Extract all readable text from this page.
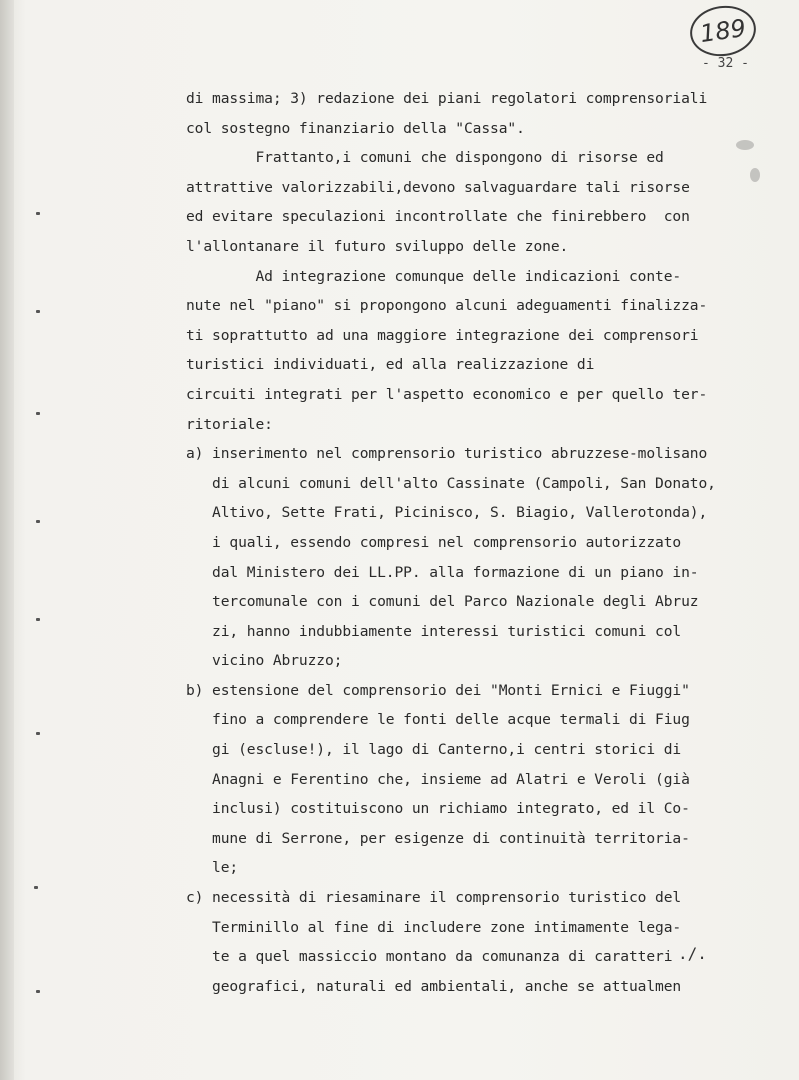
189
- 32 -
di massima; 3) redazione dei piani regolatori comprensoriali
col sostegno finanziario della "Cassa".
Frattanto,i comuni che dispongono di risorse ed
attrattive valorizzabili,devono salvaguardare tali risorse
ed evitare speculazioni incontrollate che finirebbero  con
l'allontanare il futuro sviluppo delle zone.
Ad integrazione comunque delle indicazioni conte-
nute nel "piano" si propongono alcuni adeguamenti finalizza-
ti soprattutto ad una maggiore integrazione dei comprensori
turistici individuati, ed alla realizzazione di
circuiti integrati per l'aspetto economico e per quello ter-
ritoriale:
a) inserimento nel comprensorio turistico abruzzese-molisano
di alcuni comuni dell'alto Cassinate (Campoli, San Donato,
Altivo, Sette Frati, Picinisco, S. Biagio, Vallerotonda),
i quali, essendo compresi nel comprensorio autorizzato
dal Ministero dei LL.PP. alla formazione di un piano in-
tercomunale con i comuni del Parco Nazionale degli Abruz
zi, hanno indubbiamente interessi turistici comuni col
vicino Abruzzo;
b) estensione del comprensorio dei "Monti Ernici e Fiuggi"
fino a comprendere le fonti delle acque termali di Fiug
gi (escluse!), il lago di Canterno,i centri storici di
Anagni e Ferentino che, insieme ad Alatri e Veroli (già
inclusi) costituiscono un richiamo integrato, ed il Co-
mune di Serrone, per esigenze di continuità territoria-
le;
c) necessità di riesaminare il comprensorio turistico del
Terminillo al fine di includere zone intimamente lega-
te a quel massiccio montano da comunanza di caratteri
geografici, naturali ed ambientali, anche se attualmen
./.
